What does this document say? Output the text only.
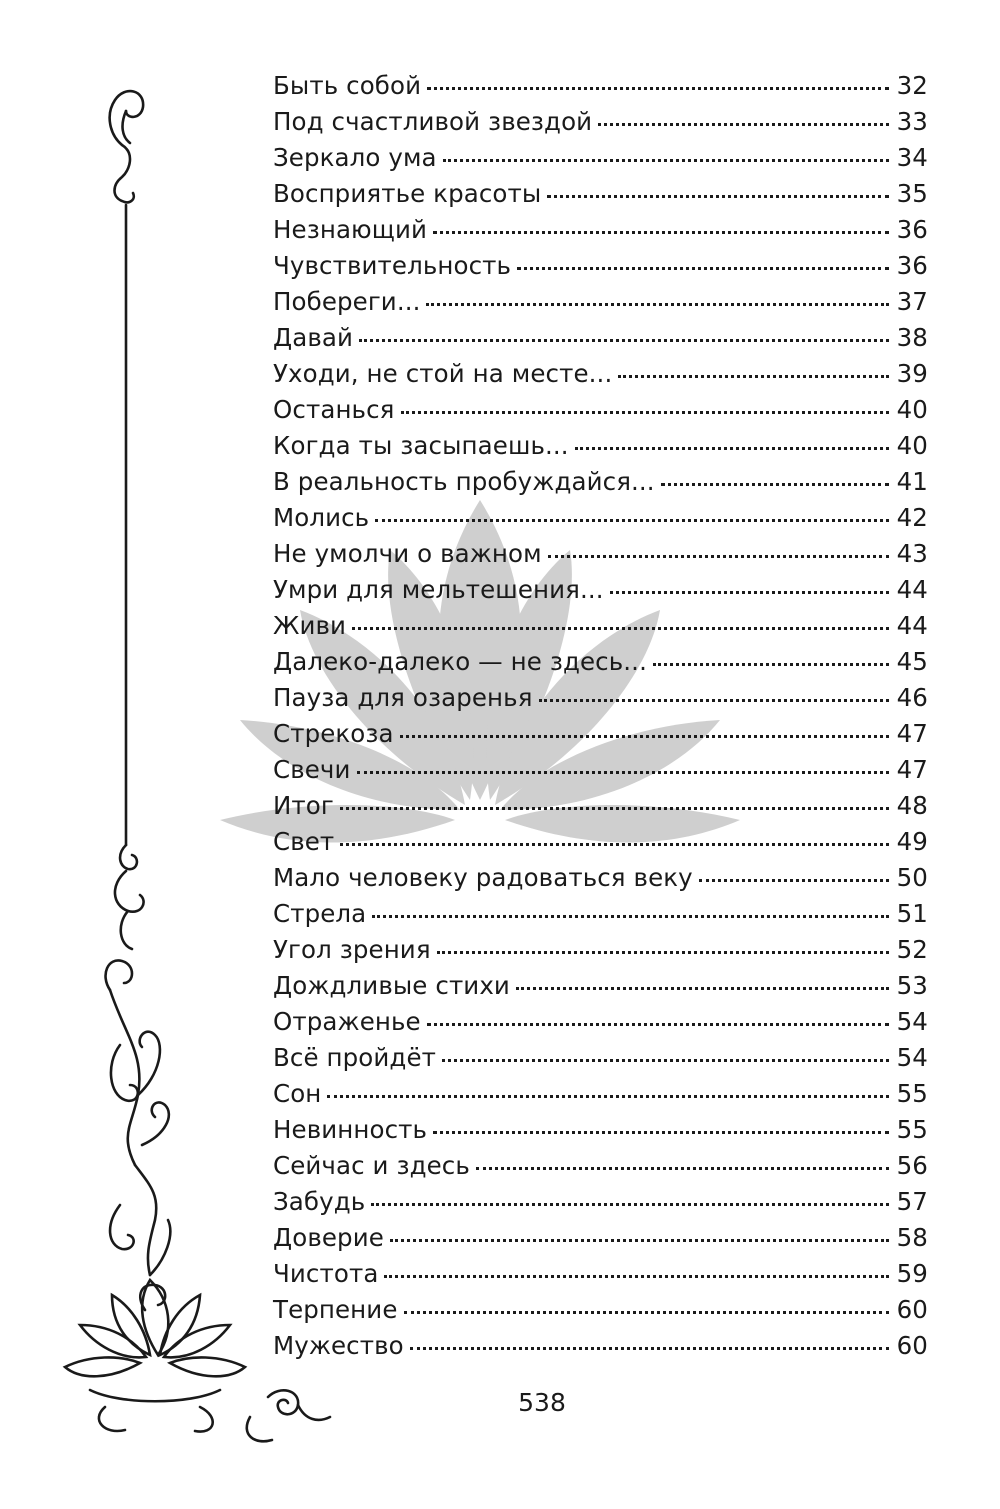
Быть собой	32
Под счастливой звездой	33
Зеркало ума	34
Восприятье красоты	35
Незнающий	36
Чувствительность	36
Побереги...	37
Давай	38
Уходи, не стой на месте...	39
Останься	40
Когда ты засыпаешь...	40
В реальность пробуждайся...	41
Молись	42
Не умолчи о важном	43
Умри для мельтешения...	44
Живи	44
Далеко-далеко — не здесь...	45
Пауза для озаренья	46
Стрекоза	47
Свечи	47
Итог	48
Свет	49
Мало человеку радоваться веку	50
Стрела	51
Угол зрения	52
Дождливые стихи	53
Отраженье	54
Всё пройдёт	54
Сон	55
Невинность	55
Сейчас и здесь	56
Забудь	57
Доверие	58
Чистота	59
Терпение	60
Мужество	60
538
